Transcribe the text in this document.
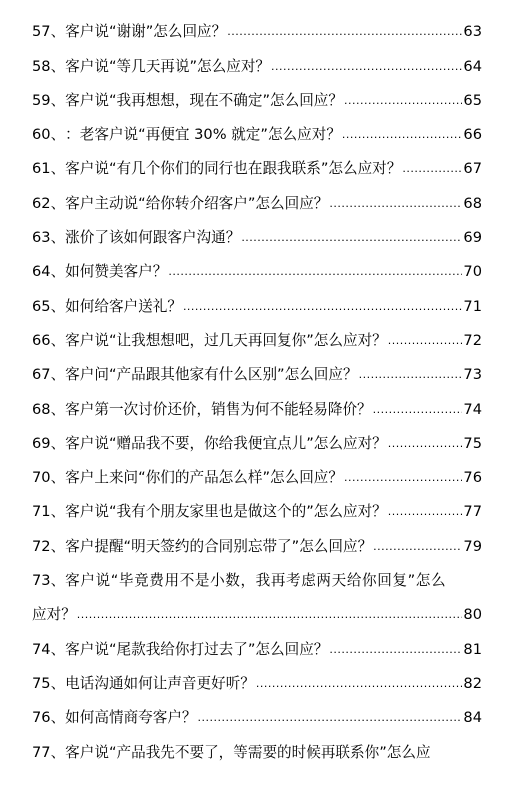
57、 客户说“谢谢”怎么回应？ .....	63
58、 客户说“等几天再说”怎么应对？ .....	64
59、 客户说“我再想想，现在不确定”怎么回应？ .....	65
60、 ：老客户说“再便宜 30% 就定”怎么应对？ .....	66
61、 客户说“有几个你们的同行也在跟我联系”怎么应对？ .....	67
62、 客户主动说“给你转介绍客户”怎么回应？ .....	68
63、 涨价了该如何跟客户沟通？ .....	69
64、 如何赞美客户？ .....	70
65、 如何给客户送礼？ .....	71
66、 客户说“让我想想吧，过几天再回复你”怎么应对？ .....	72
67、 客户问“产品跟其他家有什么区别”怎么回应？ .....	73
68、 客户第一次讨价还价，销售为何不能轻易降价？ .....	74
69、 客户说“赠品我不要，你给我便宜点儿”怎么应对？ .....	75
70、 客户上来问“你们的产品怎么样”怎么回应？ .....	76
71、 客户说“我有个朋友家里也是做这个的”怎么应对？ .....	77
72、 客户提醒“明天签约的合同别忘带了”怎么回应？ .....	79
73、 客户说“毕竟费用不是小数，我再考虑两天给你回复”怎么
应对？ .....	80
74、 客户说“尾款我给你打过去了”怎么回应？ .....	81
75、 电话沟通如何让声音更好听？ .....	82
76、 如何高情商夸客户？ .....	84
77、 客户说“产品我先不要了，等需要的时候再联系你”怎么应
